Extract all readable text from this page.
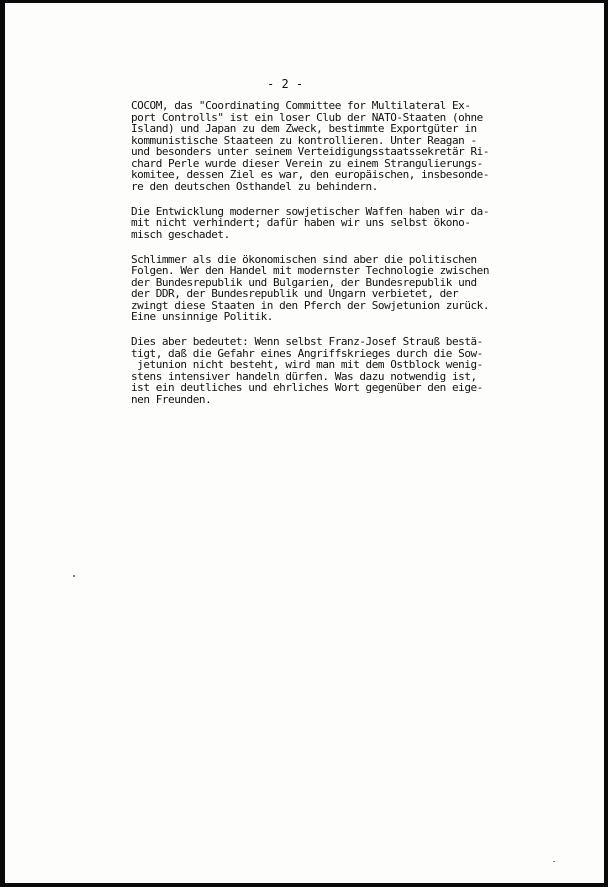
- 2 -
COCOM, das "Coordinating Committee for Multilateral Ex-
port Controlls" ist ein loser Club der NATO-Staaten (ohne
Island) und Japan zu dem Zweck, bestimmte Exportgüter in
kommunistische Staateen zu kontrollieren. Unter Reagan -
und besonders unter seinem Verteidigungsstaatssekretär Ri-
chard Perle wurde dieser Verein zu einem Strangulierungs-
komitee, dessen Ziel es war, den europäischen, insbesonde-
re den deutschen Osthandel zu behindern.
Die Entwicklung moderner sowjetischer Waffen haben wir da-
mit nicht verhindert; dafür haben wir uns selbst ökono-
misch geschadet.
Schlimmer als die ökonomischen sind aber die politischen
Folgen. Wer den Handel mit modernster Technologie zwischen
der Bundesrepublik und Bulgarien, der Bundesrepublik und
der DDR, der Bundesrepublik und Ungarn verbietet, der
zwingt diese Staaten in den Pferch der Sowjetunion zurück.
Eine unsinnige Politik.
Dies aber bedeutet: Wenn selbst Franz-Josef Strauß bestä-
tigt, daß die Gefahr eines Angriffskrieges durch die Sow-
jetunion nicht besteht, wird man mit dem Ostblock wenig-
stens intensiver handeln dürfen. Was dazu notwendig ist,
ist ein deutliches und ehrliches Wort gegenüber den eige-
nen Freunden.
